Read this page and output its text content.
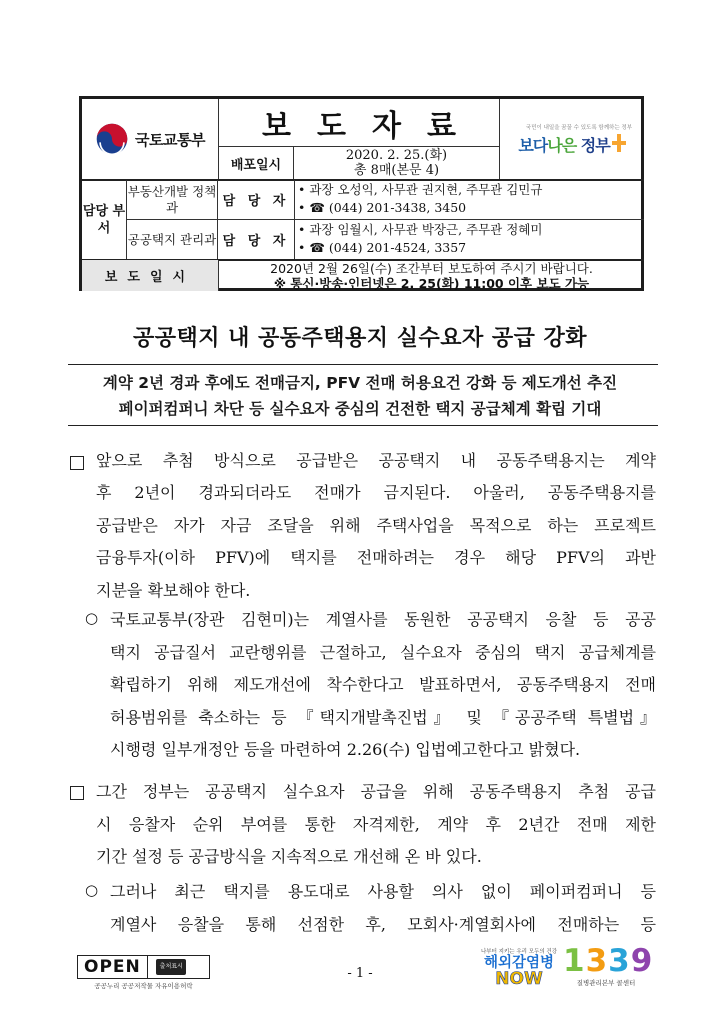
국토교통부	보도자료	국민이 내일을 꿈꿀 수 있도록 함께하는 정부
보다나은 정부
배포일시
2020. 2. 25.(화)
총 8매(본문 4)
담당 부서
부동산개발 정책과	담 당 자
• 과장 오성익, 사무관 권지현, 주무관 김민규
• ☎ (044) 201-3438, 3450
공공택지 관리과 담 당 자
• 과장 임월시, 사무관 박장근, 주무관 정혜미
• ☎ (044) 201-4524, 3357
보도일시
2020년 2월 26일(수) 조간부터 보도하여 주시기 바랍니다.
※ 통신·방송·인터넷은 2. 25(화) 11:00 이후 보도 가능
공공택지 내 공동주택용지 실수요자 공급 강화
계약 2년 경과 후에도 전매금지, PFV 전매 허용요건 강화 등 제도개선 추진
페이퍼컴퍼니 차단 등 실수요자 중심의 건전한 택지 공급체계 확립 기대
앞으로 추첨 방식으로 공급받은 공공택지 내 공동주택용지는 계약
후 2년이 경과되더라도 전매가 금지된다. 아울러, 공동주택용지를
공급받은 자가 자금 조달을 위해 주택사업을 목적으로 하는 프로젝트
금융투자(이하 PFV)에 택지를 전매하려는 경우 해당 PFV의 과반
지분을 확보해야 한다.
○ 국토교통부(장관 김현미)는 계열사를 동원한 공공택지 응찰 등 공공
택지 공급질서 교란행위를 근절하고, 실수요자 중심의 택지 공급체계를
확립하기 위해 제도개선에 착수한다고 발표하면서, 공동주택용지 전매
허용범위를 축소하는 등 『택지개발촉진법』 및 『공공주택 특별법』
시행령 일부개정안 등을 마련하여 2.26(수) 입법예고한다고 밝혔다.
그간 정부는 공공택지 실수요자 공급을 위해 공동주택용지 추첨 공급
시 응찰자 순위 부여를 통한 자격제한, 계약 후 2년간 전매 제한
기간 설정 등 공급방식을 지속적으로 개선해 온 바 있다.
○ 그러나 최근 택지를 용도대로 사용할 의사 없이 페이퍼컴퍼니 등
계열사 응찰을 통해 선점한 후, 모회사·계열회사에 전매하는 등
OPEN	출처표시
공공누리 공공저작물 자유이용허락
- 1 -
나부터 지키는 우리 모두의 건강
해외감염병
NOW 1339
질병관리본부 콜센터
